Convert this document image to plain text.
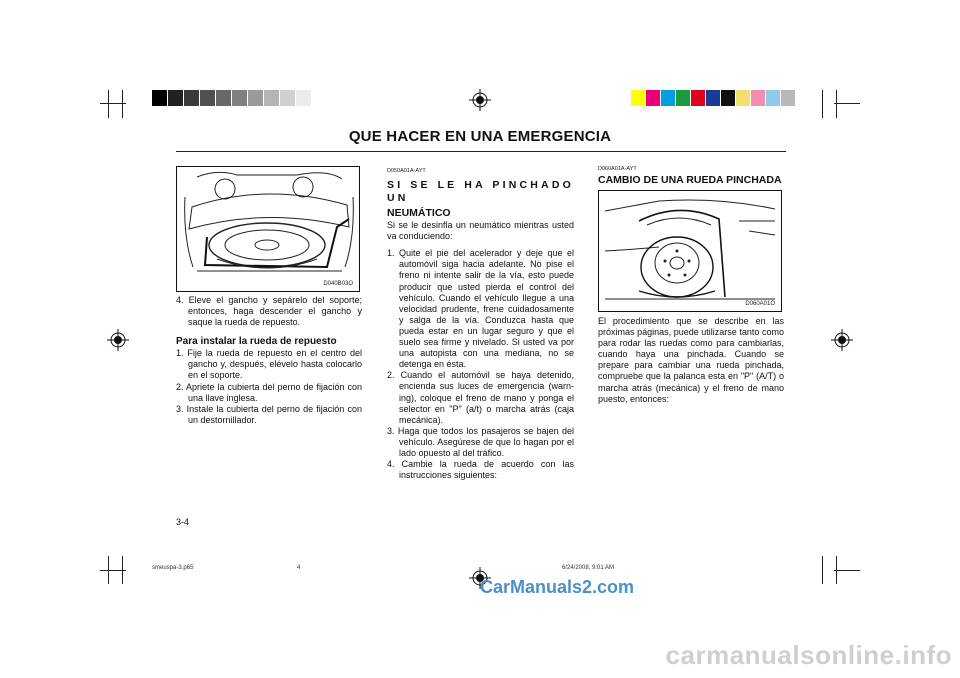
QUE HACER EN UNA EMERGENCIA
D040B03O

4. Eleve el gancho y sepárelo del soporte; entonces, haga descender el gancho y saque la rueda de repuesto.

Para instalar la rueda de repuesto

1. Fije la rueda de repuesto en el centro del gancho y, después, elévelo hasta colocarlo en el soporte.

2. Apriete la cubierta del perno de fijación con una llave inglesa.

3. Instale la cubierta del perno de fijación con un destornillador.

D050A01A-AYT

SI SE LE HA PINCHADO UN

NEUMÁTICO

Si se le desinfla un neumático mientras usted va conduciendo:

1. Quite el pie del acelerador y deje que el automóvil siga hacia adelante. No pise el freno ni intente salir de la vía, esto puede producir que usted pierda el control del vehículo. Cuando el vehículo llegue a una velocidad prudente, frene cuidadosamente y salga de la vía. Conduzca hasta que pueda estar en un lugar seguro y que el suelo sea firme y nivelado. Si usted va por una autopista con una mediana, no se detenga en ésta.

2. Cuando el automóvil se haya detenido, encienda sus luces de emergencia (warn-ing), coloque el freno de mano y ponga el selector en "P" (a/t) o marcha atrás (caja mecánica).

3. Haga que todos los pasajeros se bajen del vehículo. Asegúrese de que lo hagan por el lado opuesto al del tráfico.

4. Cambie la rueda de acuerdo con las instrucciones siguientes:

D060A01A-AYT

CAMBIO DE UNA RUEDA PINCHADA

D060A01O

El procedimiento que se describe en las próximas páginas, puede utilizarse tanto como para rodar las ruedas como para cambiarlas, cuando haya una pinchada. Cuando se prepare para cambiar una rueda pinchada, compruebe que la palanca esta en "P" (A/T) o marcha atrás (mecánica) y el freno de mano puesto, entonces:

3-4
smeuspa-3.p65	4	6/24/2008, 9:01 AM
CarManuals2.com
carmanualsonline.info
